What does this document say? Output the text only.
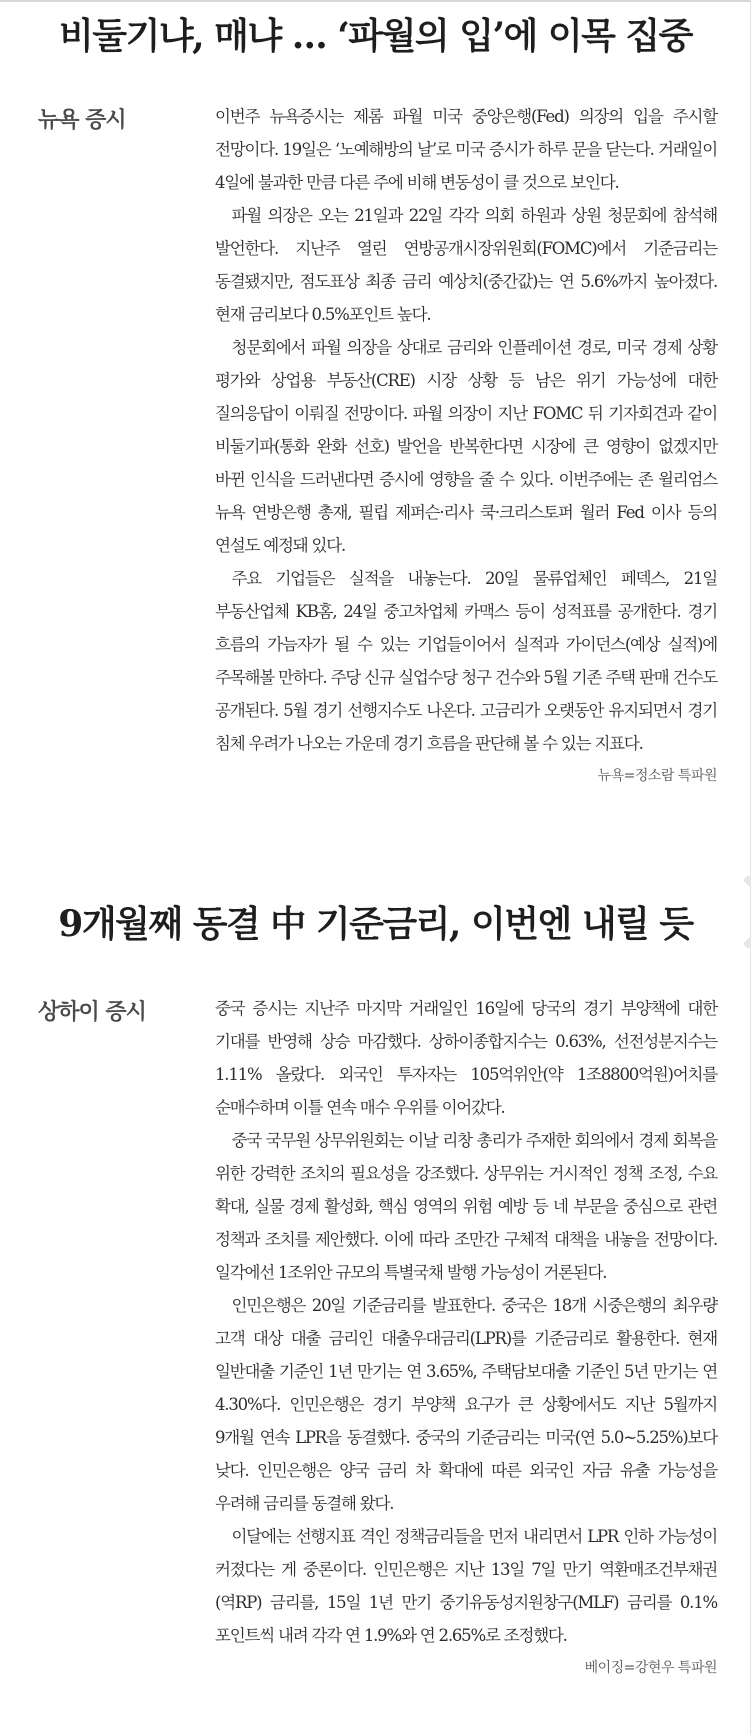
비둘기냐, 매냐 … ‘파월의 입’에 이목 집중
뉴욕 증시	이번주 뉴욕증시는 제롬 파월 미국 중앙은행(Fed) 의장의 입을 주시할 전망이다. 19일은 ‘노예해방의 날’로 미국 증시가 하루 문을 닫는다. 거래일이 4일에 불과한 만큼 다른 주에 비해 변동성이 클 것으로 보인다.

파월 의장은 오는 21일과 22일 각각 의회 하원과 상원 청문회에 참석해 발언한다. 지난주 열린 연방공개시장위원회(FOMC)에서 기준금리는 동결됐지만, 점도표상 최종 금리 예상치(중간값)는 연 5.6%까지 높아졌다. 현재 금리보다 0.5%포인트 높다.

청문회에서 파월 의장을 상대로 금리와 인플레이션 경로, 미국 경제 상황 평가와 상업용 부동산(CRE) 시장 상황 등 남은 위기 가능성에 대한 질의응답이 이뤄질 전망이다. 파월 의장이 지난 FOMC 뒤 기자회견과 같이 비둘기파(통화 완화 선호) 발언을 반복한다면 시장에 큰 영향이 없겠지만 바뀐 인식을 드러낸다면 증시에 영향을 줄 수 있다. 이번주에는 존 윌리엄스 뉴욕 연방은행 총재, 필립 제퍼슨·리사 쿡·크리스토퍼 월러 Fed 이사 등의 연설도 예정돼 있다.

주요 기업들은 실적을 내놓는다. 20일 물류업체인 페덱스, 21일 부동산업체 KB홈, 24일 중고차업체 카맥스 등이 성적표를 공개한다. 경기 흐름의 가늠자가 될 수 있는 기업들이어서 실적과 가이던스(예상 실적)에 주목해볼 만하다. 주당 신규 실업수당 청구 건수와 5월 기존 주택 판매 건수도 공개된다. 5월 경기 선행지수도 나온다. 고금리가 오랫동안 유지되면서 경기 침체 우려가 나오는 가운데 경기 흐름을 판단해 볼 수 있는 지표다.

뉴욕=정소람 특파원
9개월째 동결 中 기준금리, 이번엔 내릴 듯
상하이 증시	중국 증시는 지난주 마지막 거래일인 16일에 당국의 경기 부양책에 대한 기대를 반영해 상승 마감했다. 상하이종합지수는 0.63%, 선전성분지수는 1.11% 올랐다. 외국인 투자자는 105억위안(약 1조8800억원)어치를 순매수하며 이틀 연속 매수 우위를 이어갔다.

중국 국무원 상무위원회는 이날 리창 총리가 주재한 회의에서 경제 회복을 위한 강력한 조치의 필요성을 강조했다. 상무위는 거시적인 정책 조정, 수요 확대, 실물 경제 활성화, 핵심 영역의 위험 예방 등 네 부문을 중심으로 관련 정책과 조치를 제안했다. 이에 따라 조만간 구체적 대책을 내놓을 전망이다. 일각에선 1조위안 규모의 특별국채 발행 가능성이 거론된다.

인민은행은 20일 기준금리를 발표한다. 중국은 18개 시중은행의 최우량 고객 대상 대출 금리인 대출우대금리(LPR)를 기준금리로 활용한다. 현재 일반대출 기준인 1년 만기는 연 3.65%, 주택담보대출 기준인 5년 만기는 연 4.30%다. 인민은행은 경기 부양책 요구가 큰 상황에서도 지난 5월까지 9개월 연속 LPR을 동결했다. 중국의 기준금리는 미국(연 5.0~5.25%)보다 낮다. 인민은행은 양국 금리 차 확대에 따른 외국인 자금 유출 가능성을 우려해 금리를 동결해 왔다.

이달에는 선행지표 격인 정책금리들을 먼저 내리면서 LPR 인하 가능성이 커졌다는 게 중론이다. 인민은행은 지난 13일 7일 만기 역환매조건부채권(역RP) 금리를, 15일 1년 만기 중기유동성지원창구(MLF) 금리를 0.1%포인트씩 내려 각각 연 1.9%와 연 2.65%로 조정했다.

베이징=강현우 특파원
